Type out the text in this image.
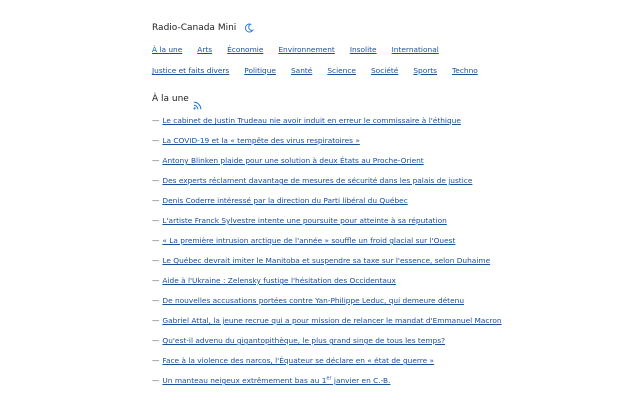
Radio-Canada Mini
À la une Arts Économie Environnement Insolite International
Justice et faits divers Politique Santé Science Société Sports Techno
À la une
— Le cabinet de Justin Trudeau nie avoir induit en erreur le commissaire à l'éthique
— La COVID-19 et la « tempête des virus respiratoires »
— Antony Blinken plaide pour une solution à deux États au Proche-Orient
— Des experts réclament davantage de mesures de sécurité dans les palais de justice
— Denis Coderre intéressé par la direction du Parti libéral du Québec
— L'artiste Franck Sylvestre intente une poursuite pour atteinte à sa réputation
— « La première intrusion arctique de l'année » souffle un froid glacial sur l'Ouest
— Le Québec devrait imiter le Manitoba et suspendre sa taxe sur l'essence, selon Duhaime
— Aide à l'Ukraine : Zelensky fustige l'hésitation des Occidentaux
— De nouvelles accusations portées contre Yan-Philippe Leduc, qui demeure détenu
— Gabriel Attal, la jeune recrue qui a pour mission de relancer le mandat d'Emmanuel Macron
— Qu'est-il advenu du gigantopithèque, le plus grand singe de tous les temps?
— Face à la violence des narcos, l'Équateur se déclare en « état de guerre »
— Un manteau neigeux extrêmement bas au 1er janvier en C.-B.
